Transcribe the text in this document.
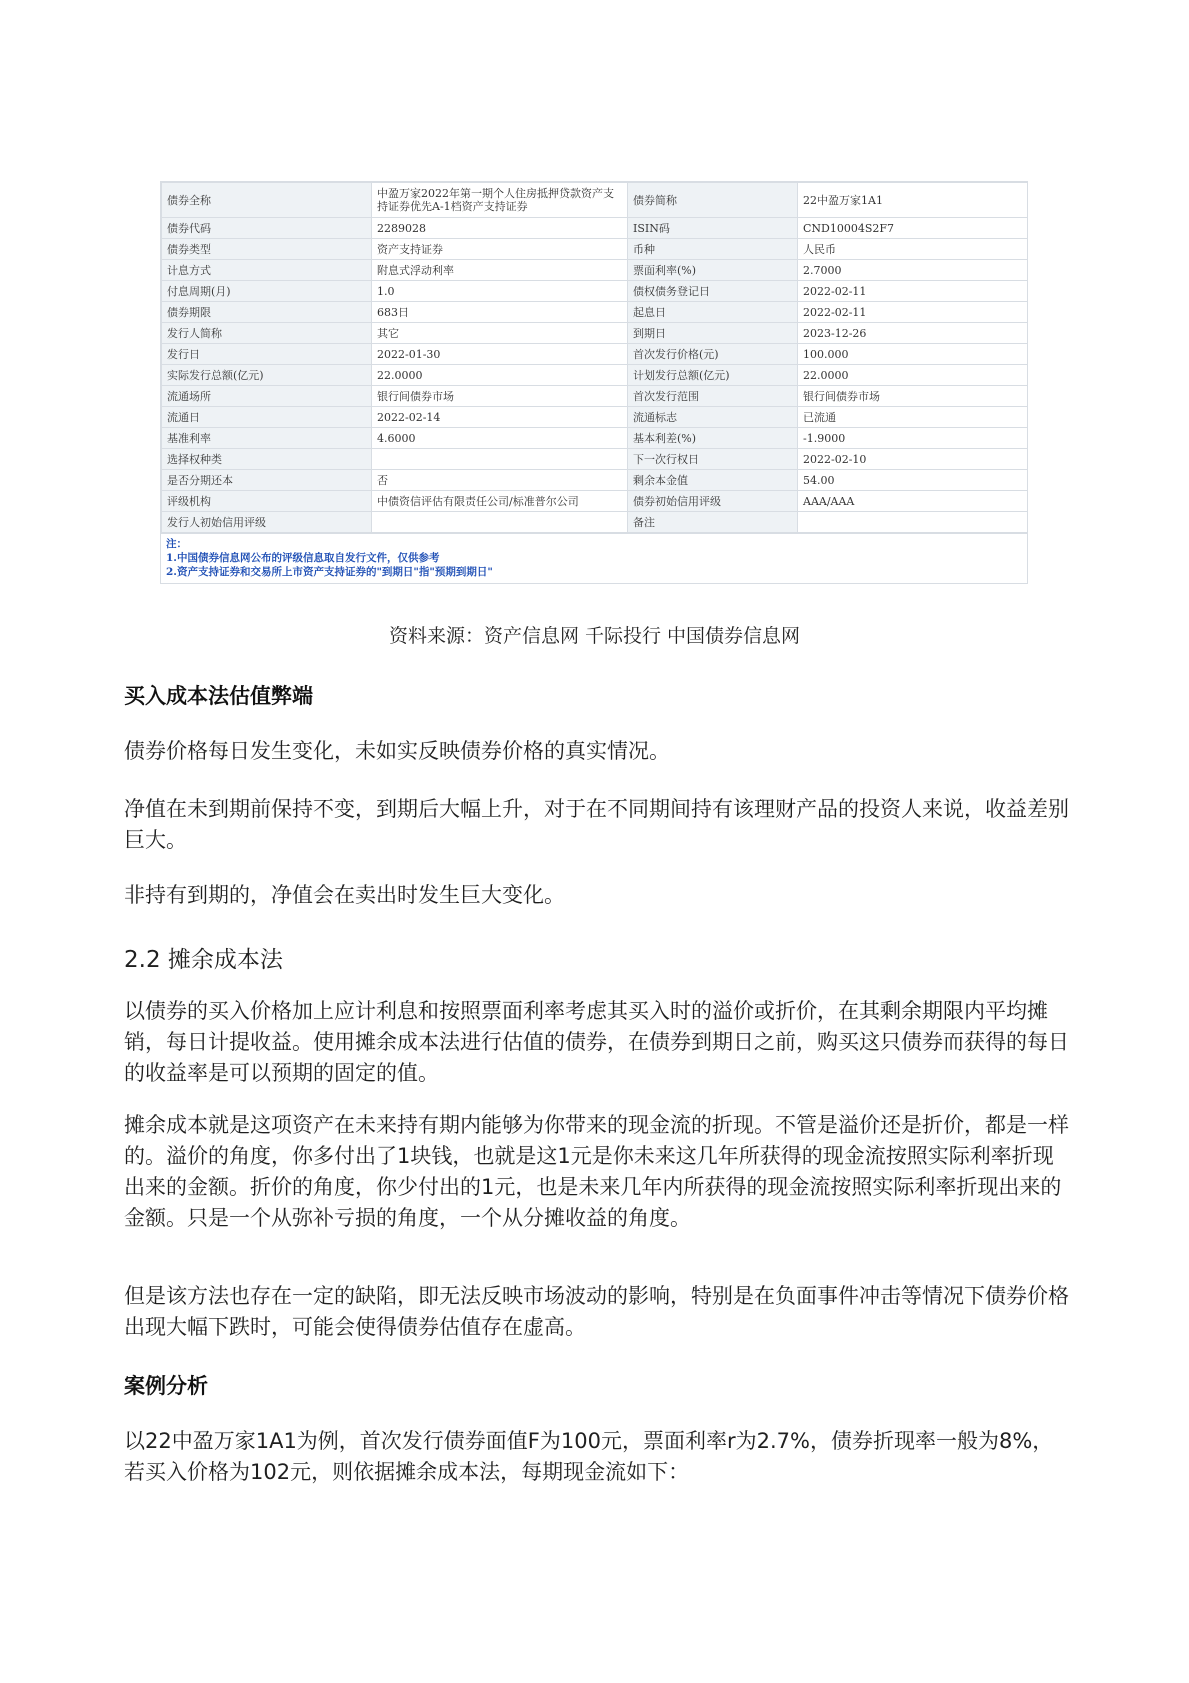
债券全称	中盈万家2022年第一期个人住房抵押贷款资产支持证券优先A-1档资产支持证券	债券简称	22中盈万家1A1
债券代码	2289028	ISIN码	CND10004S2F7
债券类型	资产支持证券	币种	人民币
计息方式	附息式浮动利率	票面利率(%)	2.7000
付息周期(月)	1.0	债权债务登记日	2022-02-11
债券期限	683日	起息日	2022-02-11
发行人简称	其它	到期日	2023-12-26
发行日	2022-01-30	首次发行价格(元)	100.000
实际发行总额(亿元)	22.0000	计划发行总额(亿元)	22.0000
流通场所	银行间债券市场	首次发行范围	银行间债券市场
流通日	2022-02-14	流通标志	已流通
基准利率	4.6000	基本利差(%)	-1.9000
选择权种类		下一次行权日	2022-02-10
是否分期还本	否	剩余本金值	54.00
评级机构	中债资信评估有限责任公司/标准普尔公司	债券初始信用评级	AAA/AAA
发行人初始信用评级		备注	
注：
1.中国债券信息网公布的评级信息取自发行文件，仅供参考
2.资产支持证券和交易所上市资产支持证券的"到期日"指"预期到期日"
资料来源：资产信息网 千际投行 中国债券信息网
买入成本法估值弊端
债券价格每日发生变化，未如实反映债券价格的真实情况。
净值在未到期前保持不变，到期后大幅上升，对于在不同期间持有该理财产品的投资人来说，收益差别巨大。
非持有到期的，净值会在卖出时发生巨大变化。
2.2 摊余成本法
以债券的买入价格加上应计利息和按照票面利率考虑其买入时的溢价或折价，在其剩余期限内平均摊销，每日计提收益。使用摊余成本法进行估值的债券，在债券到期日之前，购买这只债券而获得的每日的收益率是可以预期的固定的值。
摊余成本就是这项资产在未来持有期内能够为你带来的现金流的折现。不管是溢价还是折价，都是一样的。溢价的角度，你多付出了1块钱，也就是这1元是你未来这几年所获得的现金流按照实际利率折现出来的金额。折价的角度，你少付出的1元，也是未来几年内所获得的现金流按照实际利率折现出来的金额。只是一个从弥补亏损的角度，一个从分摊收益的角度。
但是该方法也存在一定的缺陷，即无法反映市场波动的影响，特别是在负面事件冲击等情况下债券价格出现大幅下跌时，可能会使得债券估值存在虚高。
案例分析
以22中盈万家1A1为例，首次发行债券面值F为100元，票面利率r为2.7%，债券折现率一般为8%，若买入价格为102元，则依据摊余成本法，每期现金流如下：
